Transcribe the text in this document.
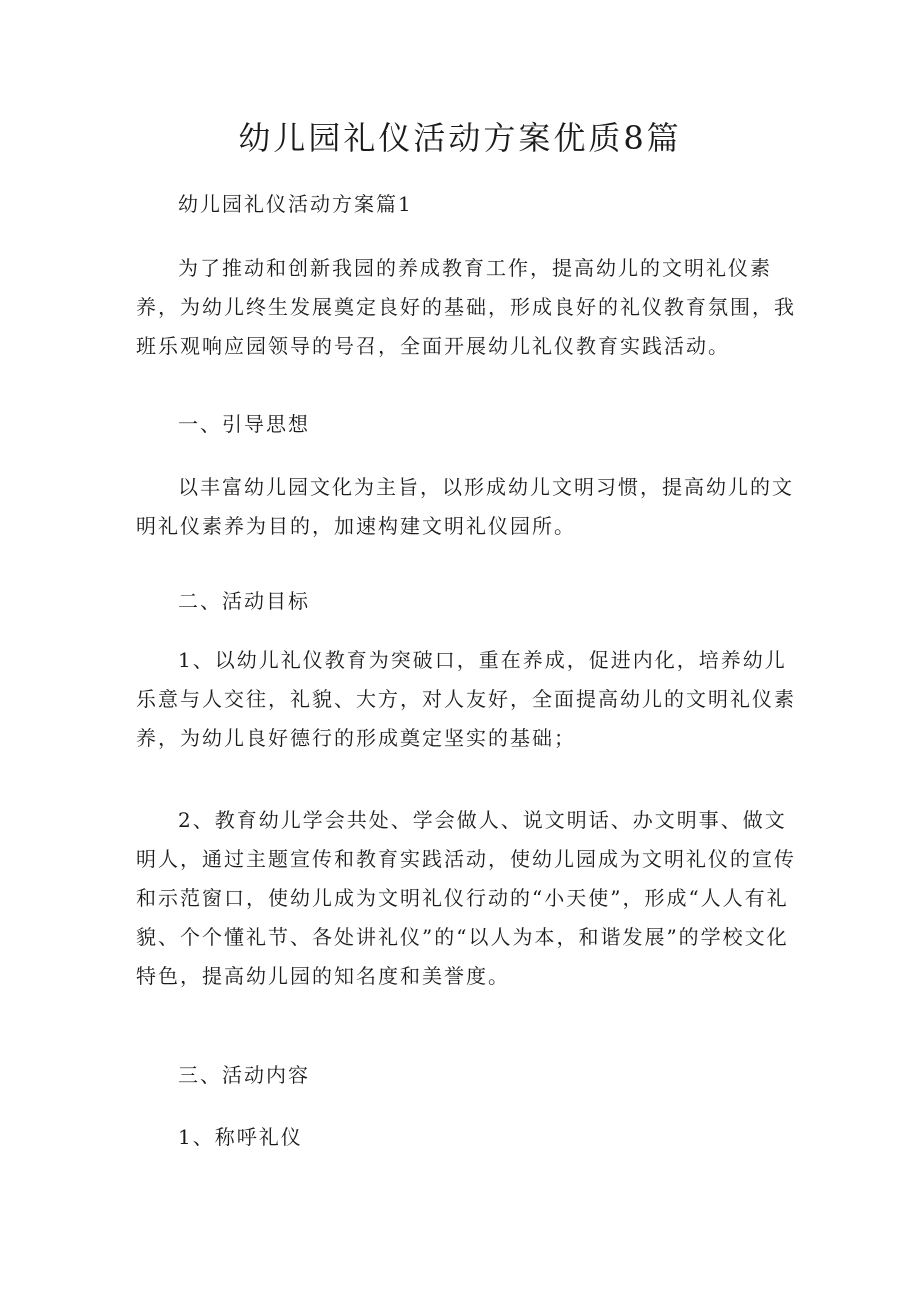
幼儿园礼仪活动方案优质8篇

幼儿园礼仪活动方案篇1

为了推动和创新我园的养成教育工作，提高幼儿的文明礼仪素养，为幼儿终生发展奠定良好的基础，形成良好的礼仪教育氛围，我班乐观响应园领导的号召，全面开展幼儿礼仪教育实践活动。

一、引导思想

以丰富幼儿园文化为主旨，以形成幼儿文明习惯，提高幼儿的文明礼仪素养为目的，加速构建文明礼仪园所。

二、活动目标

1、以幼儿礼仪教育为突破口，重在养成，促进内化，培养幼儿乐意与人交往，礼貌、大方，对人友好，全面提高幼儿的文明礼仪素养，为幼儿良好德行的形成奠定坚实的基础；

2、教育幼儿学会共处、学会做人、说文明话、办文明事、做文明人，通过主题宣传和教育实践活动，使幼儿园成为文明礼仪的宣传和示范窗口，使幼儿成为文明礼仪行动的“小天使”，形成“人人有礼貌、个个懂礼节、各处讲礼仪”的“以人为本，和谐发展”的学校文化特色，提高幼儿园的知名度和美誉度。

三、活动内容

1、称呼礼仪
